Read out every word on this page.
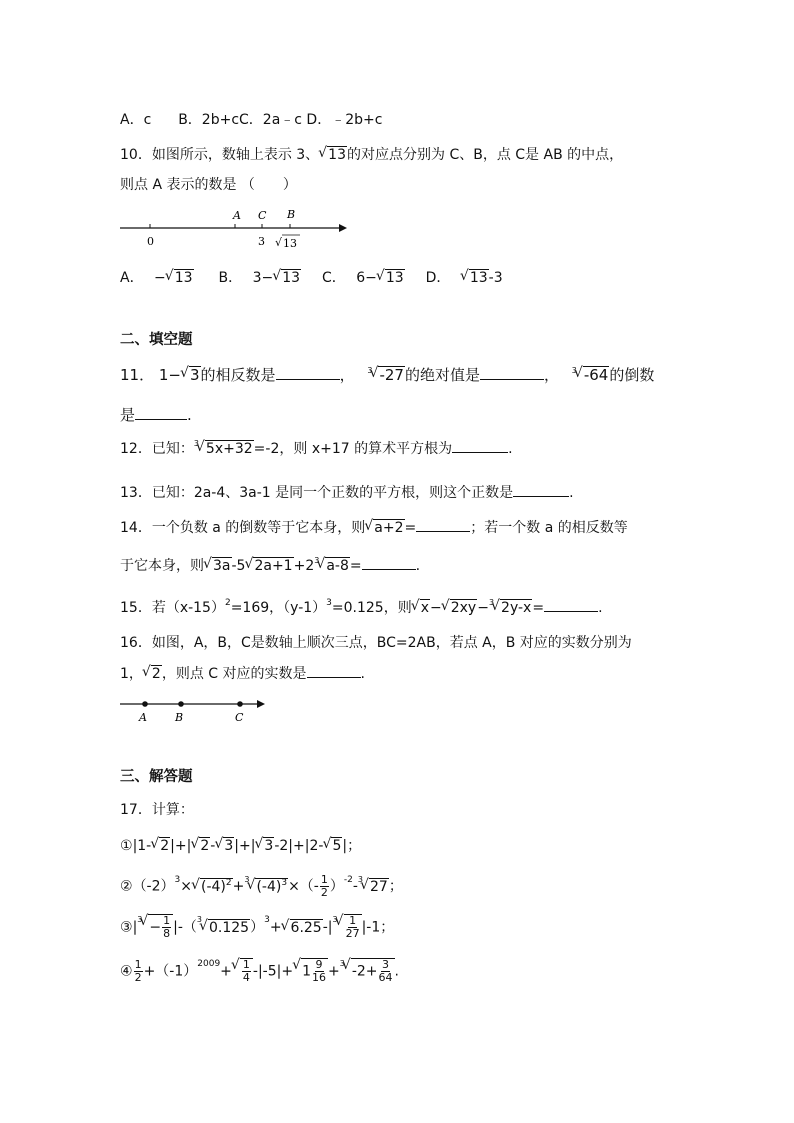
A．c B．2b+cC．2a﹣c D．﹣2b+c
10．如图所示，数轴上表示 3、√ 13的对应点分别为 C、B，点 C是 AB 的中点，
则点 A 表示的数是 （　　）
A C B
0	3 √ 13
A． −√ 13 B． 3−√ 13 C． 6−√ 13 D． √ 13-3
二、填空题
11． 1−√ 3的相反数是	， $^3$√ -27的绝对值是	， $^3$√ -64的倒数
是	.
12．已知：$^3$√ 5x+32=-2，则 x+17 的算术平方根为	.
13．已知：2a-4、3a-1 是同一个正数的平方根，则这个正数是	.
14．一个负数 a 的倒数等于它本身，则√ a+2=	；若一个数 a 的相反数等
于它本身，则√ 3a-5√ $2a+1+2^3√$ a-8=	.
15．若$(x-15)^2=169$，$(y-1)^3=0.125$，则√ x−√ 2xy−$^3$√ 2y-x=	.
16．如图，A，B，C是数轴上顺次三点，BC=2AB，若点 A，B 对应的实数分别为
1，√ 2，则点 C 对应的实数是	.
A	B	C
三、解答题
17．计算：
①|1-√ 2|+|√ 2-√ 3|+|√ 3-2|+|2-√ 5|；
$②(-2)^3\times√$ $(-4)^2+^3√$ $(-4)^3\times(- \frac{1}{2} )^{-2}-^3√$ 27；
$③|^3√ - \frac{1}{8} |-(^3√$ 0.125）$^3$+√ $6.25-|^3$
√ $\frac{1}{27} |-1$；
④ $\frac{1}{2} +(-1)^{2009}+$
√ $\frac{1}{4} -|-5|+√$ $1 \frac{9}{16} +^3√$ $-2+ \frac{3}{64}$ .
